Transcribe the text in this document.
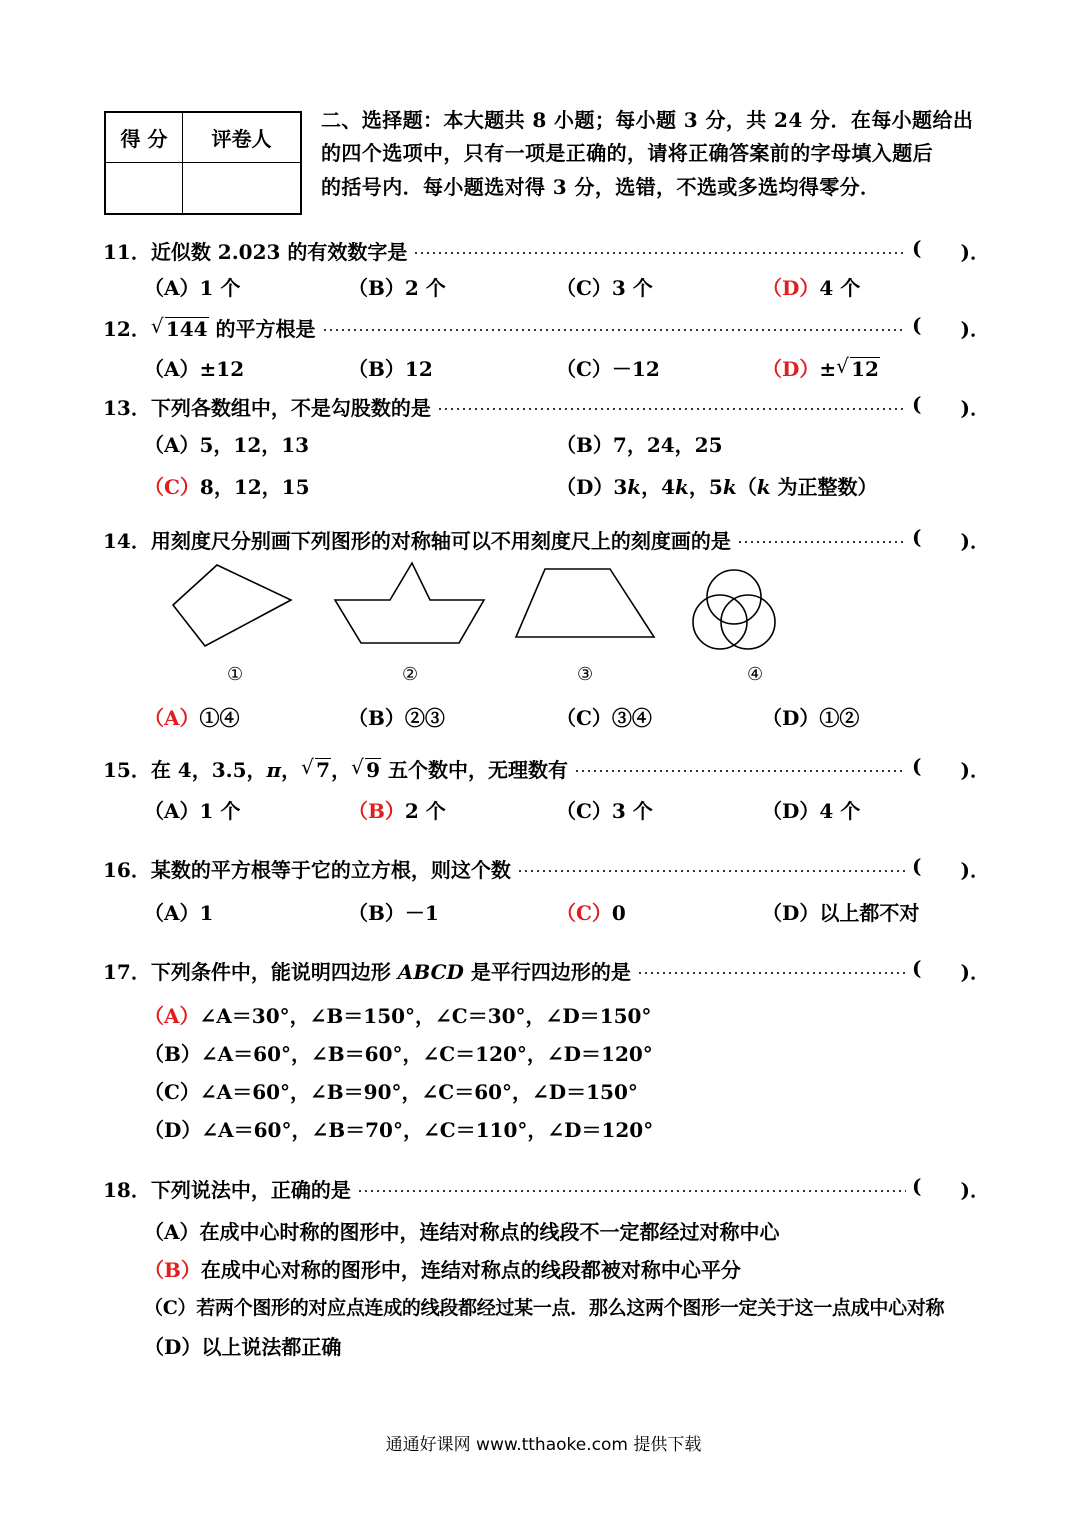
得 分	评卷人

二、选择题：本大题共 8 小题；每小题 3 分，共 24 分．在每小题给出
的四个选项中，只有一项是正确的，请将正确答案前的字母填入题后
的括号内．每小题选对得 3 分，选错，不选或多选均得零分．
11．近似数 2.023 的有效数字是	( )．
（A）1 个	（B）2 个	（C）3 个	（D）4 个
12． √ 144 的平方根是	( )．
（A）±12	（B）12	（C）－12	（D）± √ 12
13．下列各数组中，不是勾股数的是	( )．
（A）5，12，13	（B）7，24，25
（C）8，12，15	（D）3k，4k，5k（k 为正整数）
14．用刻度尺分别画下列图形的对称轴可以不用刻度尺上的刻度画的是	( )．
①	②	③	④
（A）①④	（B）②③	（C）③④	（D）①②
15．在 4，3.5，π， √ 7， √ 9 五个数中，无理数有	( )．
（A）1 个	（B）2 个	（C）3 个	（D）4 个
16．某数的平方根等于它的立方根，则这个数	( )．
（A）1	（B）－1	（C）0	（D）以上都不对
17．下列条件中，能说明四边形 ABCD 是平行四边形的是	( )．
（A）∠A＝30°，∠B＝150°，∠C＝30°，∠D＝150°
（B）∠A＝60°，∠B＝60°，∠C＝120°，∠D＝120°
（C）∠A＝60°，∠B＝90°，∠C＝60°，∠D＝150°
（D）∠A＝60°，∠B＝70°，∠C＝110°，∠D＝120°
18．下列说法中，正确的是	( )．
（A）在成中心时称的图形中，连结对称点的线段不一定都经过对称中心
（B）在成中心对称的图形中，连结对称点的线段都被对称中心平分
（C）若两个图形的对应点连成的线段都经过某一点．那么这两个图形一定关于这一点成中心对称
（D）以上说法都正确
通通好课网 www.tthaoke.com 提供下载
